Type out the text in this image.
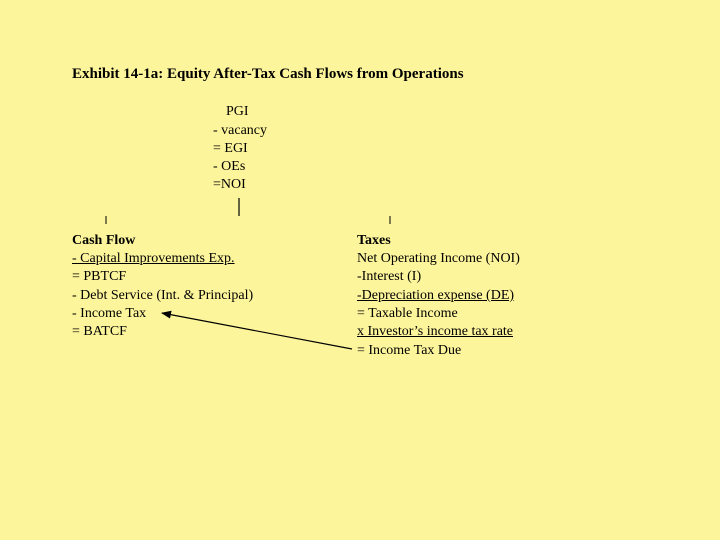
Exhibit 14-1a: Equity After-Tax Cash Flows from Operations
PGI
- vacancy
= EGI
- OEs
=NOI
Cash Flow
- Capital Improvements Exp.
= PBTCF
- Debt Service (Int. & Principal)
- Income Tax
= BATCF
Taxes
Net Operating Income (NOI)
-Interest (I)
-Depreciation expense (DE)
= Taxable Income
x Investor’s income tax rate
= Income Tax Due
